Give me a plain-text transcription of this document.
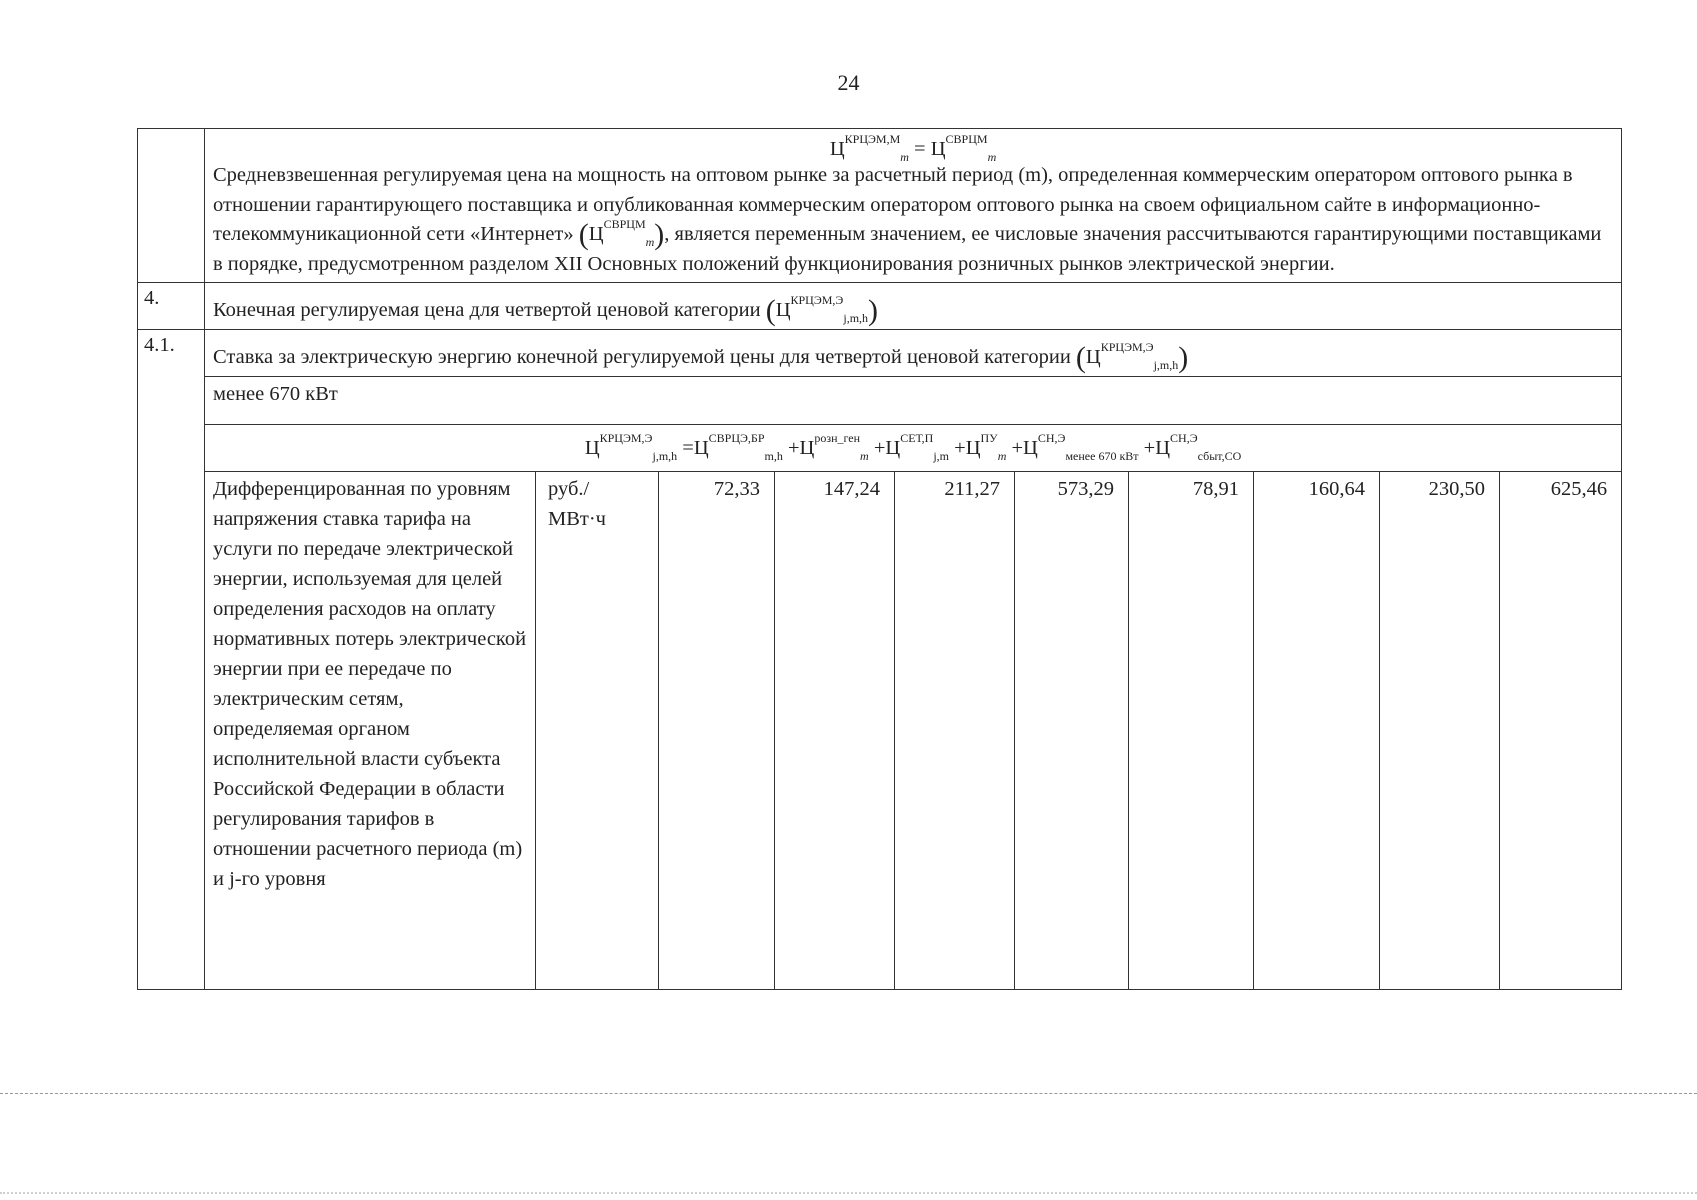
24

	$Ц^{КРЦЭМ,М}_m = Ц^{СВРЦМ}_m$
Средневзвешенная регулируемая цена на мощность на оптовом рынке за расчетный период (m), определенная коммерческим оператором оптового рынка в отношении гарантирующего поставщика и опубликованная коммерческим оператором оптового рынка на своем официальном сайте в информационно-телекоммуникационной сети «Интернет» $(Ц^{СВРЦМ}_m)$, является переменным значением, ее числовые значения рассчитываются гарантирующими поставщиками в порядке, предусмотренном разделом XII Основных положений функционирования розничных рынков электрической энергии.									

4.	Конечная регулируемая цена для четвертой ценовой категории $(Ц^{КРЦЭМ,Э}_{j,m,h})$									
4.1.	Ставка за электрическую энергию конечной регулируемой цены для четвертой ценовой категории $(Ц^{КРЦЭМ,Э}_{j,m,h})$									
	менее 670 кВт									
	$Ц^{КРЦЭМ,Э}_{j,m,h} =Ц^{СВРЦЭ,БР}_{m,h} +Ц^{розн\_ген}_m +Ц^{СЕТ,П}_{j,m} +Ц^{ПУ}_m +Ц^{СН,Э}_{менее 670 кВт} +Ц^{СН,Э}_{сбыт,СО}$
	Дифференцированная по уровням напряжения ставка тарифа на услуги по передаче электрической энергии, используемая для целей определения расходов на оплату нормативных потерь электрической энергии при ее передаче по электрическим сетям, определяемая органом исполнительной власти субъекта Российской Федерации в области регулирования тарифов в отношении расчетного периода (m) и j-го уровня	руб./ МВт·ч	72,33	147,24	211,27	573,29	78,91	160,64	230,50	625,46
